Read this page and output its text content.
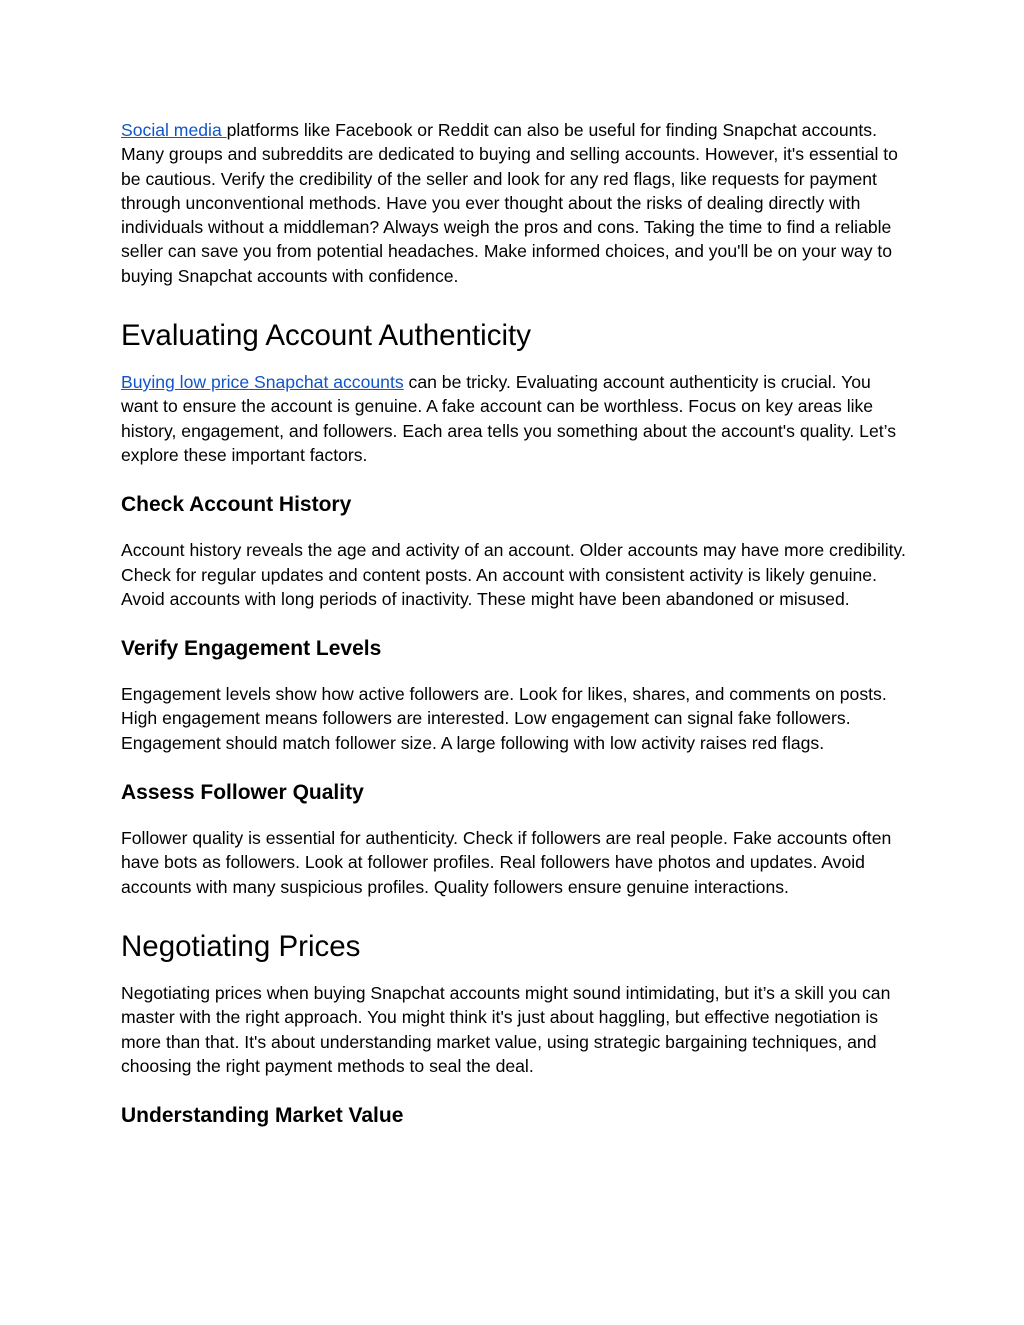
Social media platforms like Facebook or Reddit can also be useful for finding Snapchat accounts. Many groups and subreddits are dedicated to buying and selling accounts. However, it's essential to be cautious. Verify the credibility of the seller and look for any red flags, like requests for payment through unconventional methods. Have you ever thought about the risks of dealing directly with individuals without a middleman? Always weigh the pros and cons. Taking the time to find a reliable seller can save you from potential headaches. Make informed choices, and you'll be on your way to buying Snapchat accounts with confidence.

Evaluating Account Authenticity

Buying low price Snapchat accounts can be tricky. Evaluating account authenticity is crucial. You want to ensure the account is genuine. A fake account can be worthless. Focus on key areas like history, engagement, and followers. Each area tells you something about the account's quality. Let’s explore these important factors.

Check Account History

Account history reveals the age and activity of an account. Older accounts may have more credibility. Check for regular updates and content posts. An account with consistent activity is likely genuine. Avoid accounts with long periods of inactivity. These might have been abandoned or misused.

Verify Engagement Levels

Engagement levels show how active followers are. Look for likes, shares, and comments on posts. High engagement means followers are interested. Low engagement can signal fake followers. Engagement should match follower size. A large following with low activity raises red flags.

Assess Follower Quality

Follower quality is essential for authenticity. Check if followers are real people. Fake accounts often have bots as followers. Look at follower profiles. Real followers have photos and updates. Avoid accounts with many suspicious profiles. Quality followers ensure genuine interactions.

Negotiating Prices

Negotiating prices when buying Snapchat accounts might sound intimidating, but it’s a skill you can master with the right approach. You might think it's just about haggling, but effective negotiation is more than that. It's about understanding market value, using strategic bargaining techniques, and choosing the right payment methods to seal the deal.

Understanding Market Value
